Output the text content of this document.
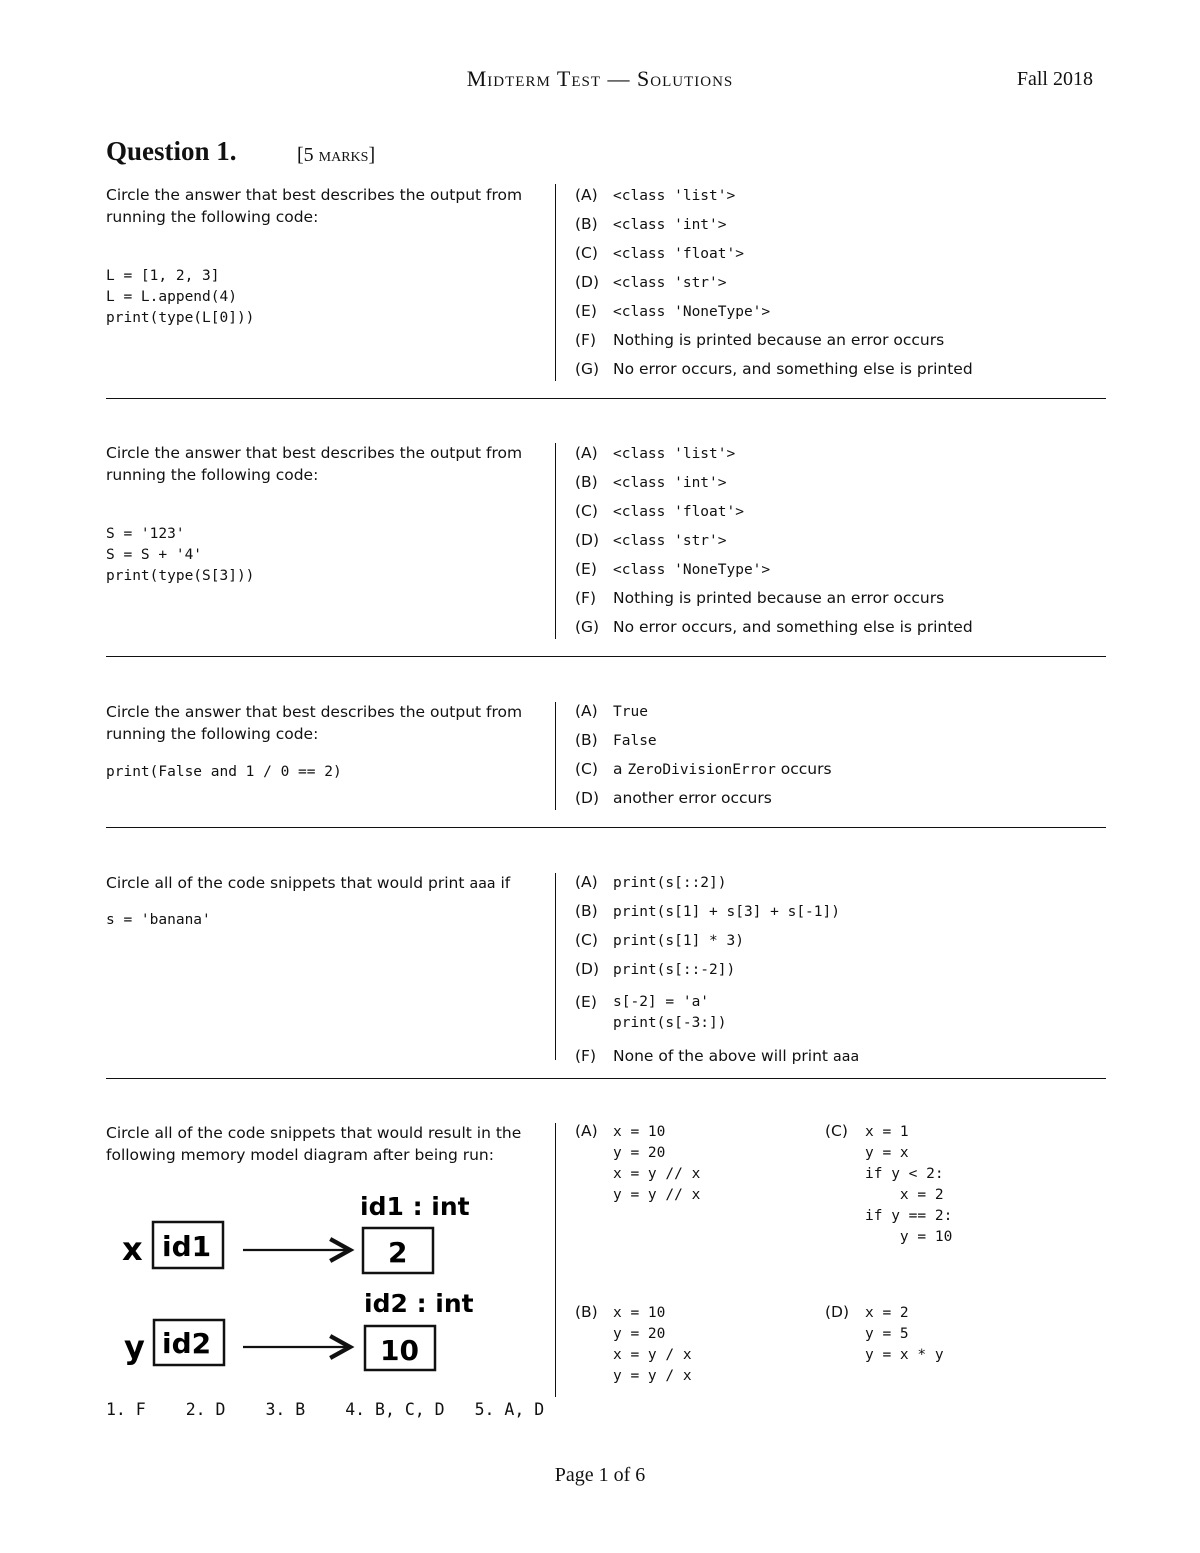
Midterm Test — Solutions	Fall 2018
Question 1.	[5 marks]
Circle the answer that best describes the output from running the following code:

L = [1, 2, 3]
L = L.append(4)
print(type(L[0]))
(A) <class 'list'>
(B) <class 'int'>
(C) <class 'float'>
(D) <class 'str'>
(E) <class 'NoneType'>
(F) Nothing is printed because an error occurs
(G) No error occurs, and something else is printed
Circle the answer that best describes the output from running the following code:

S = '123'
S = S + '4'
print(type(S[3]))
(A) <class 'list'>
(B) <class 'int'>
(C) <class 'float'>
(D) <class 'str'>
(E) <class 'NoneType'>
(F) Nothing is printed because an error occurs
(G) No error occurs, and something else is printed
Circle the answer that best describes the output from running the following code:
print(False and 1 / 0 == 2)
(A) True
(B) False
(C) a ZeroDivisionError occurs
(D) another error occurs
Circle all of the code snippets that would print aaa if
s = 'banana'
(A) print(s[::2])
(B) print(s[1] + s[3] + s[-1])
(C) print(s[1] * 3)
(D) print(s[::-2])
(E) s[-2] = 'a'
print(s[-3:])
(F) None of the above will print aaa
Circle all of the code snippets that would result in the following memory model diagram after being run:
x id1
id1 : int
2
y id2
id2 : int
10
(A) x = 10
y = 20
x = y // x
y = y // x
(B) x = 10
y = 20
x = y / x
y = y / x
(C) x = 1
y = x
if y < 2:
x = 2
if y == 2:
y = 10
(D) x = 2
y = 5
y = x * y
1. F 2. D 3. B 4. B, C, D 5. A, D
Page 1 of 6
